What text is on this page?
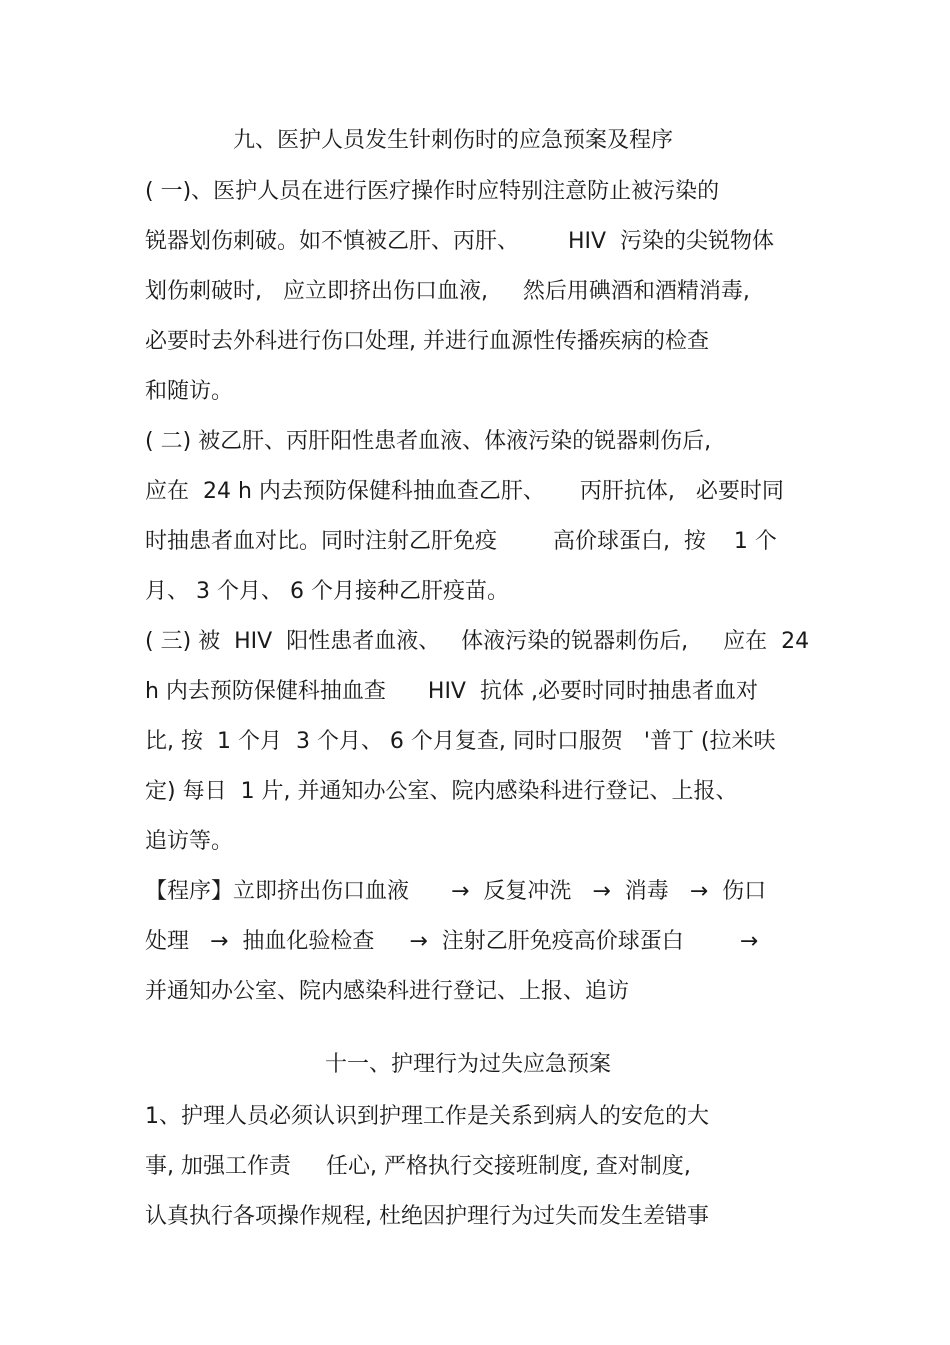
九、医护人员发生针刺伤时的应急预案及程序
( 一)、医护人员在进行医疗操作时应特别注意防止被污染的
锐器划伤刺破。如不慎被乙肝、丙肝、       HIV  污染的尖锐物体
划伤刺破时,   应立即挤出伤口血液,     然后用碘酒和酒精消毒,
必要时去外科进行伤口处理, 并进行血源性传播疾病的检查
和随访。
( 二) 被乙肝、丙肝阳性患者血液、体液污染的锐器刺伤后,
应在  24 h 内去预防保健科抽血查乙肝、     丙肝抗体,   必要时同
时抽患者血对比。同时注射乙肝免疫        高价球蛋白,  按    1 个
月、 3 个月、 6 个月接种乙肝疫苗。
( 三) 被  HIV  阳性患者血液、   体液污染的锐器刺伤后,     应在  24
h 内去预防保健科抽血查      HIV  抗体 ,必要时同时抽患者血对
比, 按  1 个月  3 个月、 6 个月复查, 同时口服贺   '普丁 (拉米呋
定) 每日  1 片, 并通知办公室、院内感染科进行登记、上报、
追访等。
【程序】立即挤出伤口血液      →  反复冲洗   →  消毒   →  伤口
处理   →  抽血化验检查     →  注射乙肝免疫高价球蛋白        →
并通知办公室、院内感染科进行登记、上报、追访
十一、护理行为过失应急预案
1、护理人员必须认识到护理工作是关系到病人的安危的大
事, 加强工作责     任心, 严格执行交接班制度, 查对制度,
认真执行各项操作规程, 杜绝因护理行为过失而发生差错事
